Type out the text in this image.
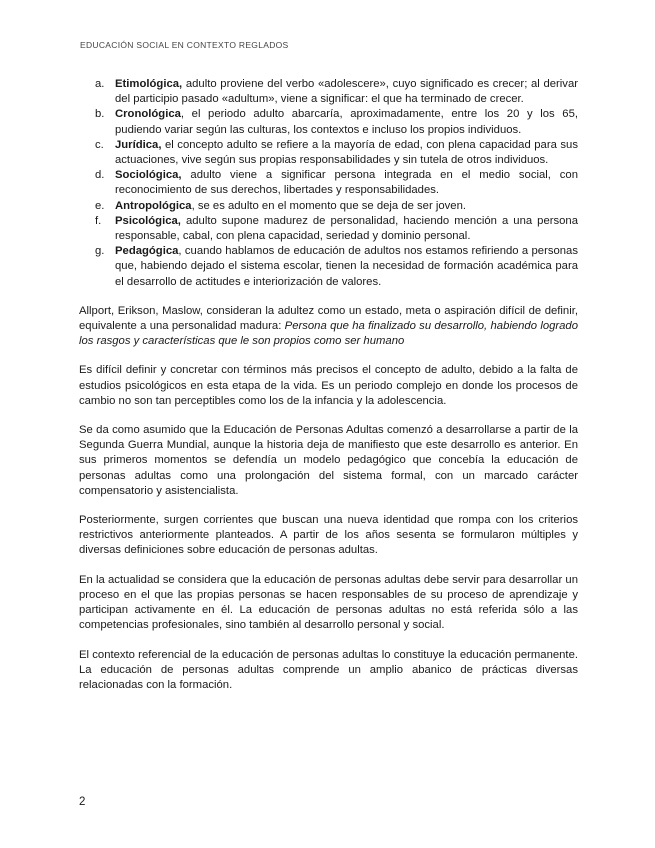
EDUCACIÓN SOCIAL EN CONTEXTO REGLADOS
a. Etimológica, adulto proviene del verbo «adolescere», cuyo significado es crecer; al derivar del participio pasado «adultum», viene a significar: el que ha terminado de crecer.
b. Cronológica, el periodo adulto abarcaría, aproximadamente, entre los 20 y los 65, pudiendo variar según las culturas, los contextos e incluso los propios individuos.
c. Jurídica, el concepto adulto se refiere a la mayoría de edad, con plena capacidad para sus actuaciones, vive según sus propias responsabilidades y sin tutela de otros individuos.
d. Sociológica, adulto viene a significar persona integrada en el medio social, con reconocimiento de sus derechos, libertades y responsabilidades.
e. Antropológica, se es adulto en el momento que se deja de ser joven.
f. Psicológica, adulto supone madurez de personalidad, haciendo mención a una persona responsable, cabal, con plena capacidad, seriedad y dominio personal.
g. Pedagógica, cuando hablamos de educación de adultos nos estamos refiriendo a personas que, habiendo dejado el sistema escolar, tienen la necesidad de formación académica para el desarrollo de actitudes e interiorización de valores.

Allport, Erikson, Maslow, consideran la adultez como un estado, meta o aspiración difícil de definir, equivalente a una personalidad madura: Persona que ha finalizado su desarrollo, habiendo logrado los rasgos y características que le son propios como ser humano

Es difícil definir y concretar con términos más precisos el concepto de adulto, debido a la falta de estudios psicológicos en esta etapa de la vida. Es un periodo complejo en donde los procesos de cambio no son tan perceptibles como los de la infancia y la adolescencia.

Se da como asumido que la Educación de Personas Adultas comenzó a desarrollarse a partir de la Segunda Guerra Mundial, aunque la historia deja de manifiesto que este desarrollo es anterior. En sus primeros momentos se defendía un modelo pedagógico que concebía la educación de personas adultas como una prolongación del sistema formal, con un marcado carácter compensatorio y asistencialista.

Posteriormente, surgen corrientes que buscan una nueva identidad que rompa con los criterios restrictivos anteriormente planteados. A partir de los años sesenta se formularon múltiples y diversas definiciones sobre educación de personas adultas.

En la actualidad se considera que la educación de personas adultas debe servir para desarrollar un proceso en el que las propias personas se hacen responsables de su proceso de aprendizaje y participan activamente en él. La educación de personas adultas no está referida sólo a las competencias profesionales, sino también al desarrollo personal y social.

El contexto referencial de la educación de personas adultas lo constituye la educación permanente. La educación de personas adultas comprende un amplio abanico de prácticas diversas relacionadas con la formación.

2
